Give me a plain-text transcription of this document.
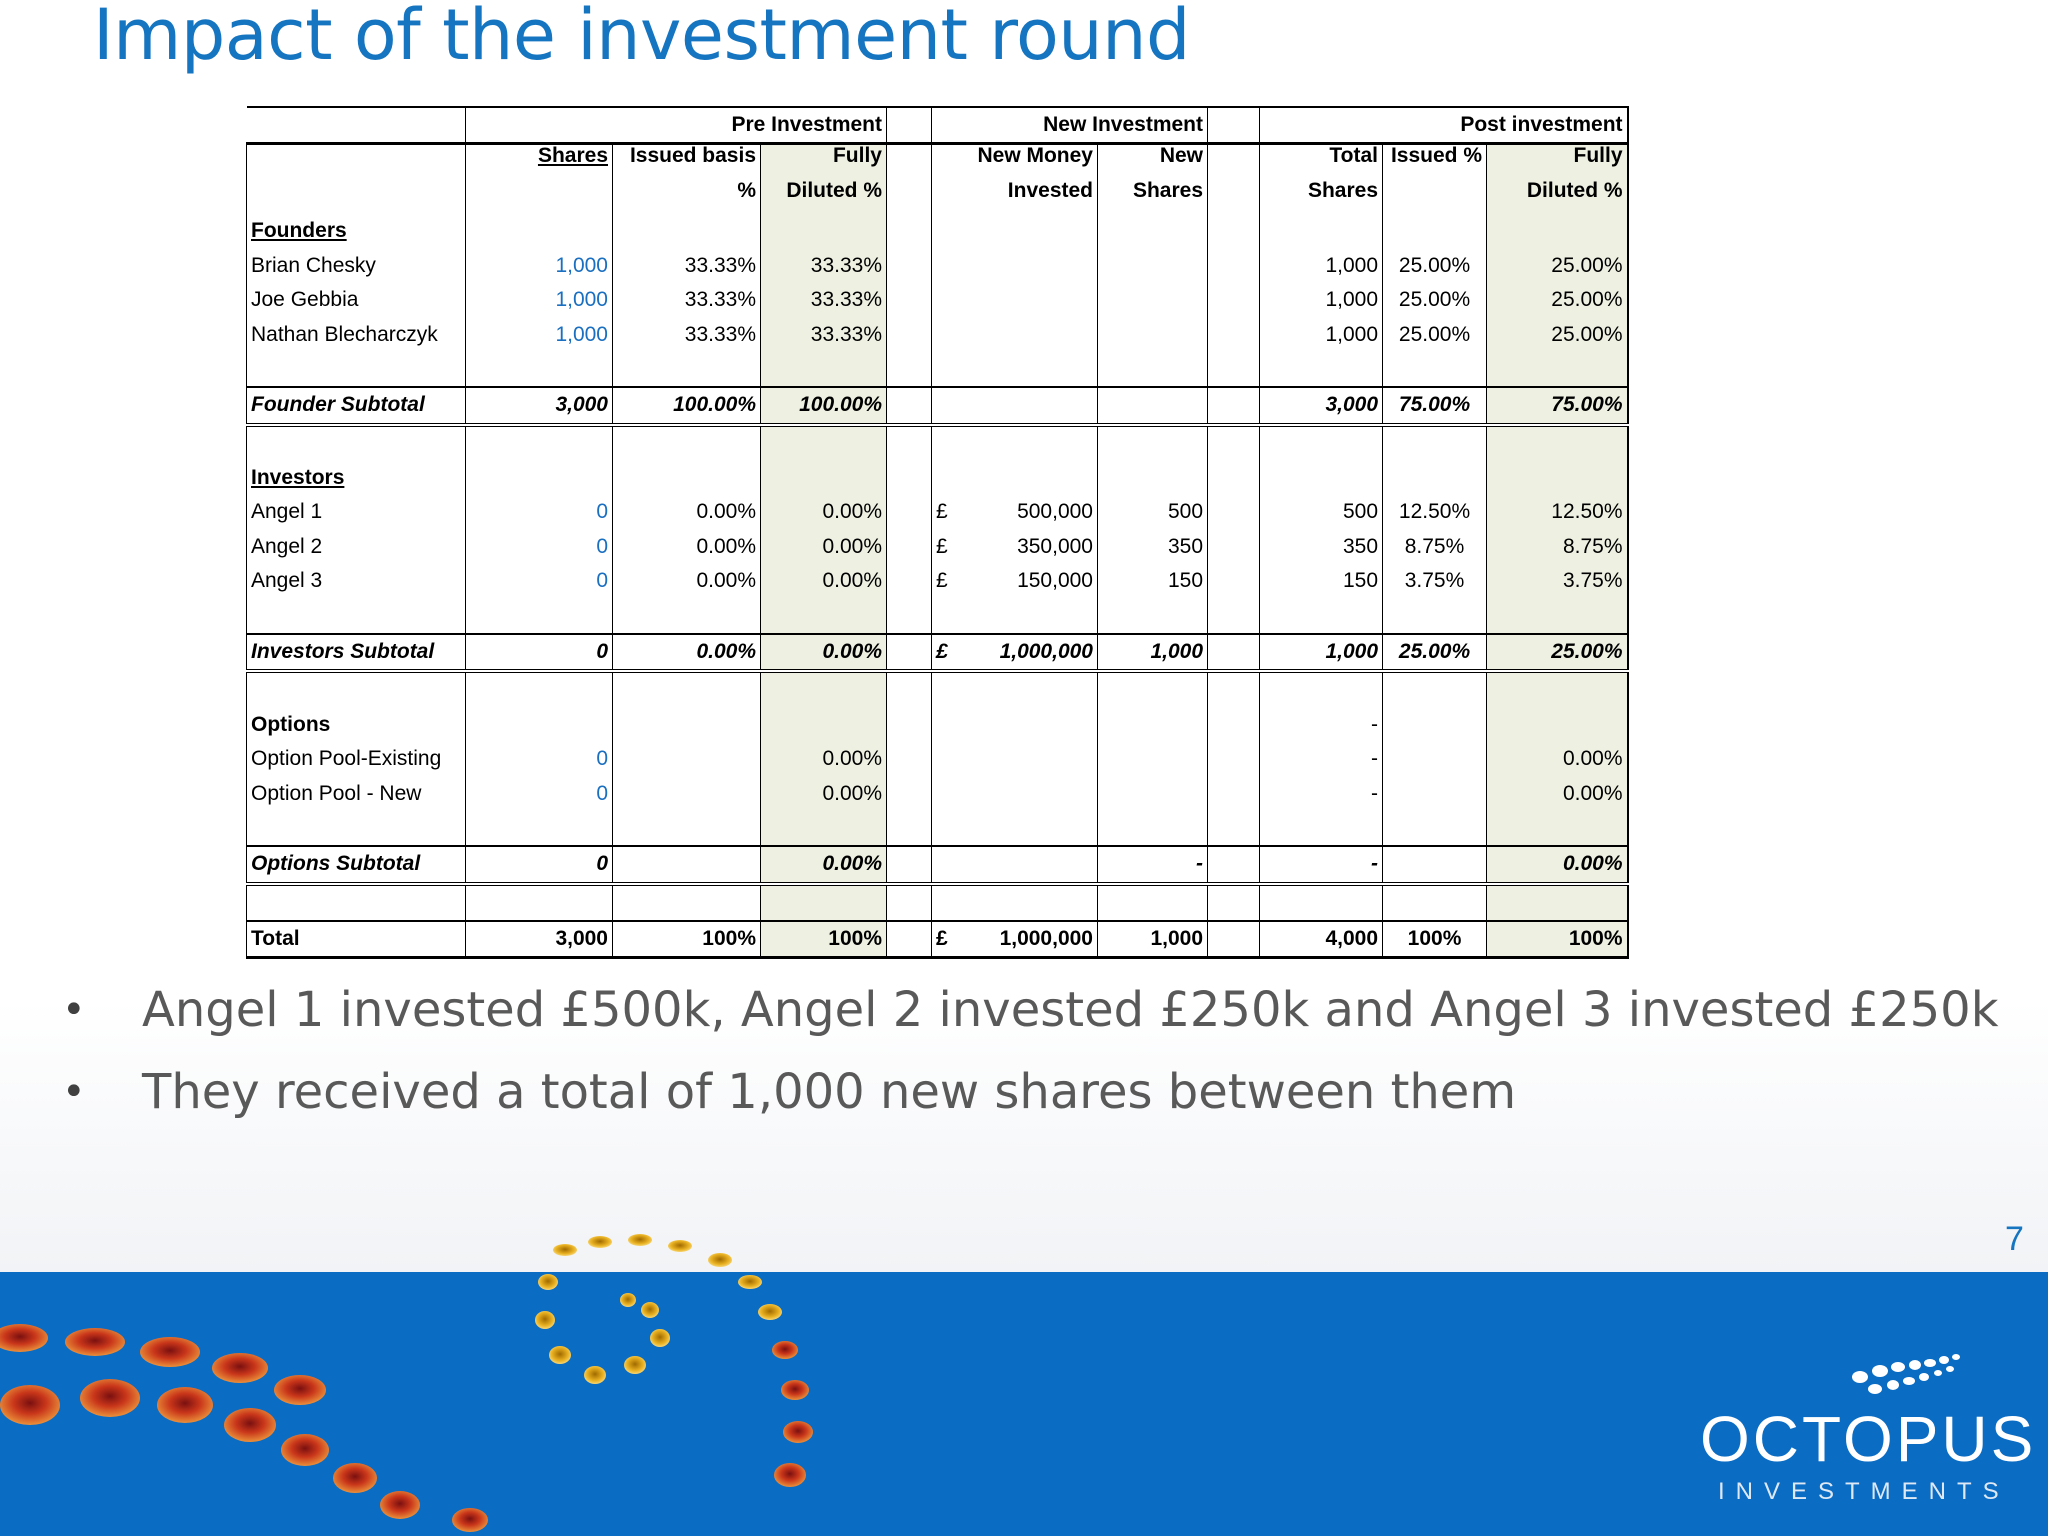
Impact of the investment round
	Pre Investment				New Investment			Post investment		
	Shares	Issued basis	Fully		New Money	New		Total	Issued %	Fully
		%	Diluted %		Invested	Shares		Shares		Diluted %
Founders										
Brian Chesky	1,000	33.33%	33.33%					1,000	25.00%	25.00%
Joe Gebbia	1,000	33.33%	33.33%					1,000	25.00%	25.00%
Nathan Blecharczyk	1,000	33.33%	33.33%					1,000	25.00%	25.00%

Founder Subtotal	3,000	100.00%	100.00%					3,000	75.00%	75.00%

Investors										
Angel 1	0	0.00%	0.00%		£ 500,000	500		500	12.50%	12.50%
Angel 2	0	0.00%	0.00%		£ 350,000	350		350	8.75%	8.75%
Angel 3	0	0.00%	0.00%		£ 150,000	150		150	3.75%	3.75%

Investors Subtotal	0	0.00%	0.00%		£ 1,000,000	1,000		1,000	25.00%	25.00%

Options								-		
Option Pool-Existing	0		0.00%					-		0.00%
Option Pool - New	0		0.00%					-		0.00%

Options Subtotal	0		0.00%			-		-		0.00%

Total	3,000	100%	100%		£ 1,000,000	1,000		4,000	100%	100%
• Angel 1 invested £500k, Angel 2 invested £250k and Angel 3 invested £250k
• They received a total of 1,000 new shares between them
7
OCTOPUS
INVESTMENTS
